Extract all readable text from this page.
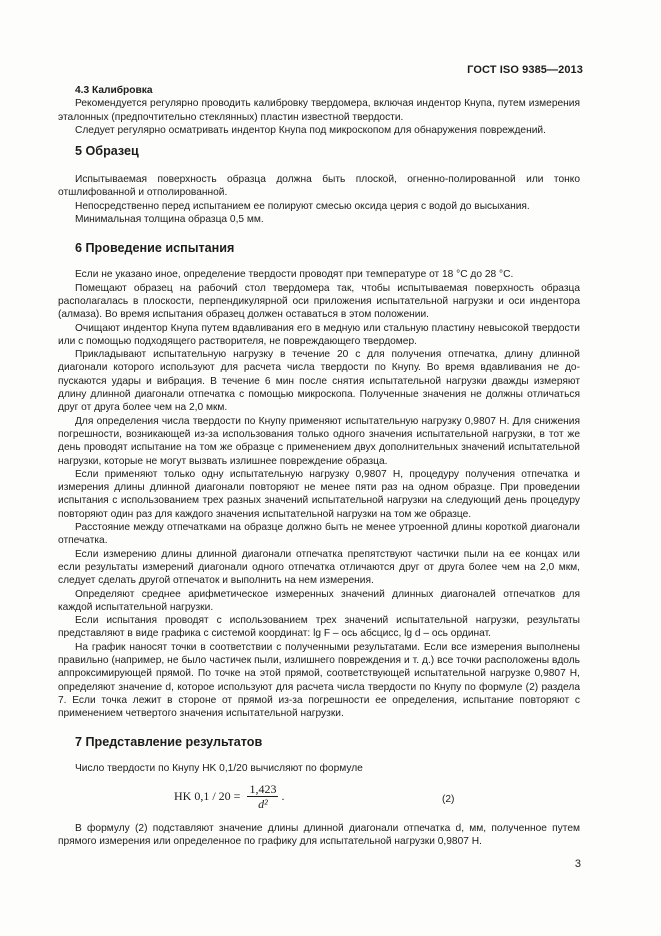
ГОСТ ISO 9385—2013
4.3 Калибровка

Рекомендуется регулярно проводить калибровку твердомера, включая индентор Кнупа, путем измерения эталонных (предпочтительно стеклянных) пластин известной твердости.

Следует регулярно осматривать индентор Кнупа под микроскопом для обнаружения повреждений.

5 Образец

Испытываемая поверхность образца должна быть плоской, огненно-полированной или тонко отшлифованной и отполированной.

Непосредственно перед испытанием ее полируют смесью оксида церия с водой до высыхания.

Минимальная толщина образца 0,5 мм.

6 Проведение испытания

Если не указано иное, определение твердости проводят при температуре от 18 °С до 28 °С.

Помещают образец на рабочий стол твердомера так, чтобы испытываемая поверхность образца располагалась в плоскости, перпендикулярной оси приложения испытательной нагрузки и оси индентора (алмаза). Во время испытания образец должен оставаться в этом положении.

Очищают индентор Кнупа путем вдавливания его в медную или стальную пластину невысокой твердости или с помощью подходящего растворителя, не повреждающего твердомер.

Прикладывают испытательную нагрузку в течение 20 с для получения отпечатка, длину длинной диагонали которого используют для расчета числа твердости по Кнупу. Во время вдавливания не допускаются удары и вибрация. В течение 6 мин после снятия испытательной нагрузки дважды измеряют длину длинной диагонали отпечатка с помощью микроскопа. Полученные значения не должны отличаться друг от друга более чем на 2,0 мкм.

Для определения числа твердости по Кнупу применяют испытательную нагрузку 0,9807 Н. Для снижения погрешности, возникающей из-за использования только одного значения испытательной нагрузки, в тот же день проводят испытание на том же образце с применением двух дополнительных значений испытательной нагрузки, которые не могут вызвать излишнее повреждение образца.

Если применяют только одну испытательную нагрузку 0,9807 Н, процедуру получения отпечатка и измерения длины длинной диагонали повторяют не менее пяти раз на одном образце. При проведении испытания с использованием трех разных значений испытательной нагрузки на следующий день процедуру повторяют один раз для каждого значения испытательной нагрузки на том же образце.

Расстояние между отпечатками на образце должно быть не менее утроенной длины короткой диагонали отпечатка.

Если измерению длины длинной диагонали отпечатка препятствуют частички пыли на ее концах или если результаты измерений диагонали одного отпечатка отличаются друг от друга более чем на 2,0 мкм, следует сделать другой отпечаток и выполнить на нем измерения.

Определяют среднее арифметическое измеренных значений длинных диагоналей отпечатков для каждой испытательной нагрузки.

Если испытания проводят с использованием трех значений испытательной нагрузки, результаты представляют в виде графика с системой координат: lg F – ось абсцисс, lg d – ось ординат.

На график наносят точки в соответствии с полученными результатами. Если все измерения выполнены правильно (например, не было частичек пыли, излишнего повреждения и т. д.) все точки расположены вдоль аппроксимирующей прямой. По точке на этой прямой, соответствующей испытательной нагрузке 0,9807 Н, определяют значение d, которое используют для расчета числа твердости по Кнупу по формуле (2) раздела 7. Если точка лежит в стороне от прямой из-за погрешности ее определения, испытание повторяют с применением четвертого значения испытательной нагрузки.

7 Представление результатов

Число твердости по Кнупу HK 0,1/20 вычисляют по формуле

HK $0,1 / 20 = \frac{1,423}{\text{d²}}$ .	(2)

В формулу (2) подставляют значение длины длинной диагонали отпечатка d, мм, полученное путем прямого измерения или определенное по графику для испытательной нагрузки 0,9807 Н.

3
